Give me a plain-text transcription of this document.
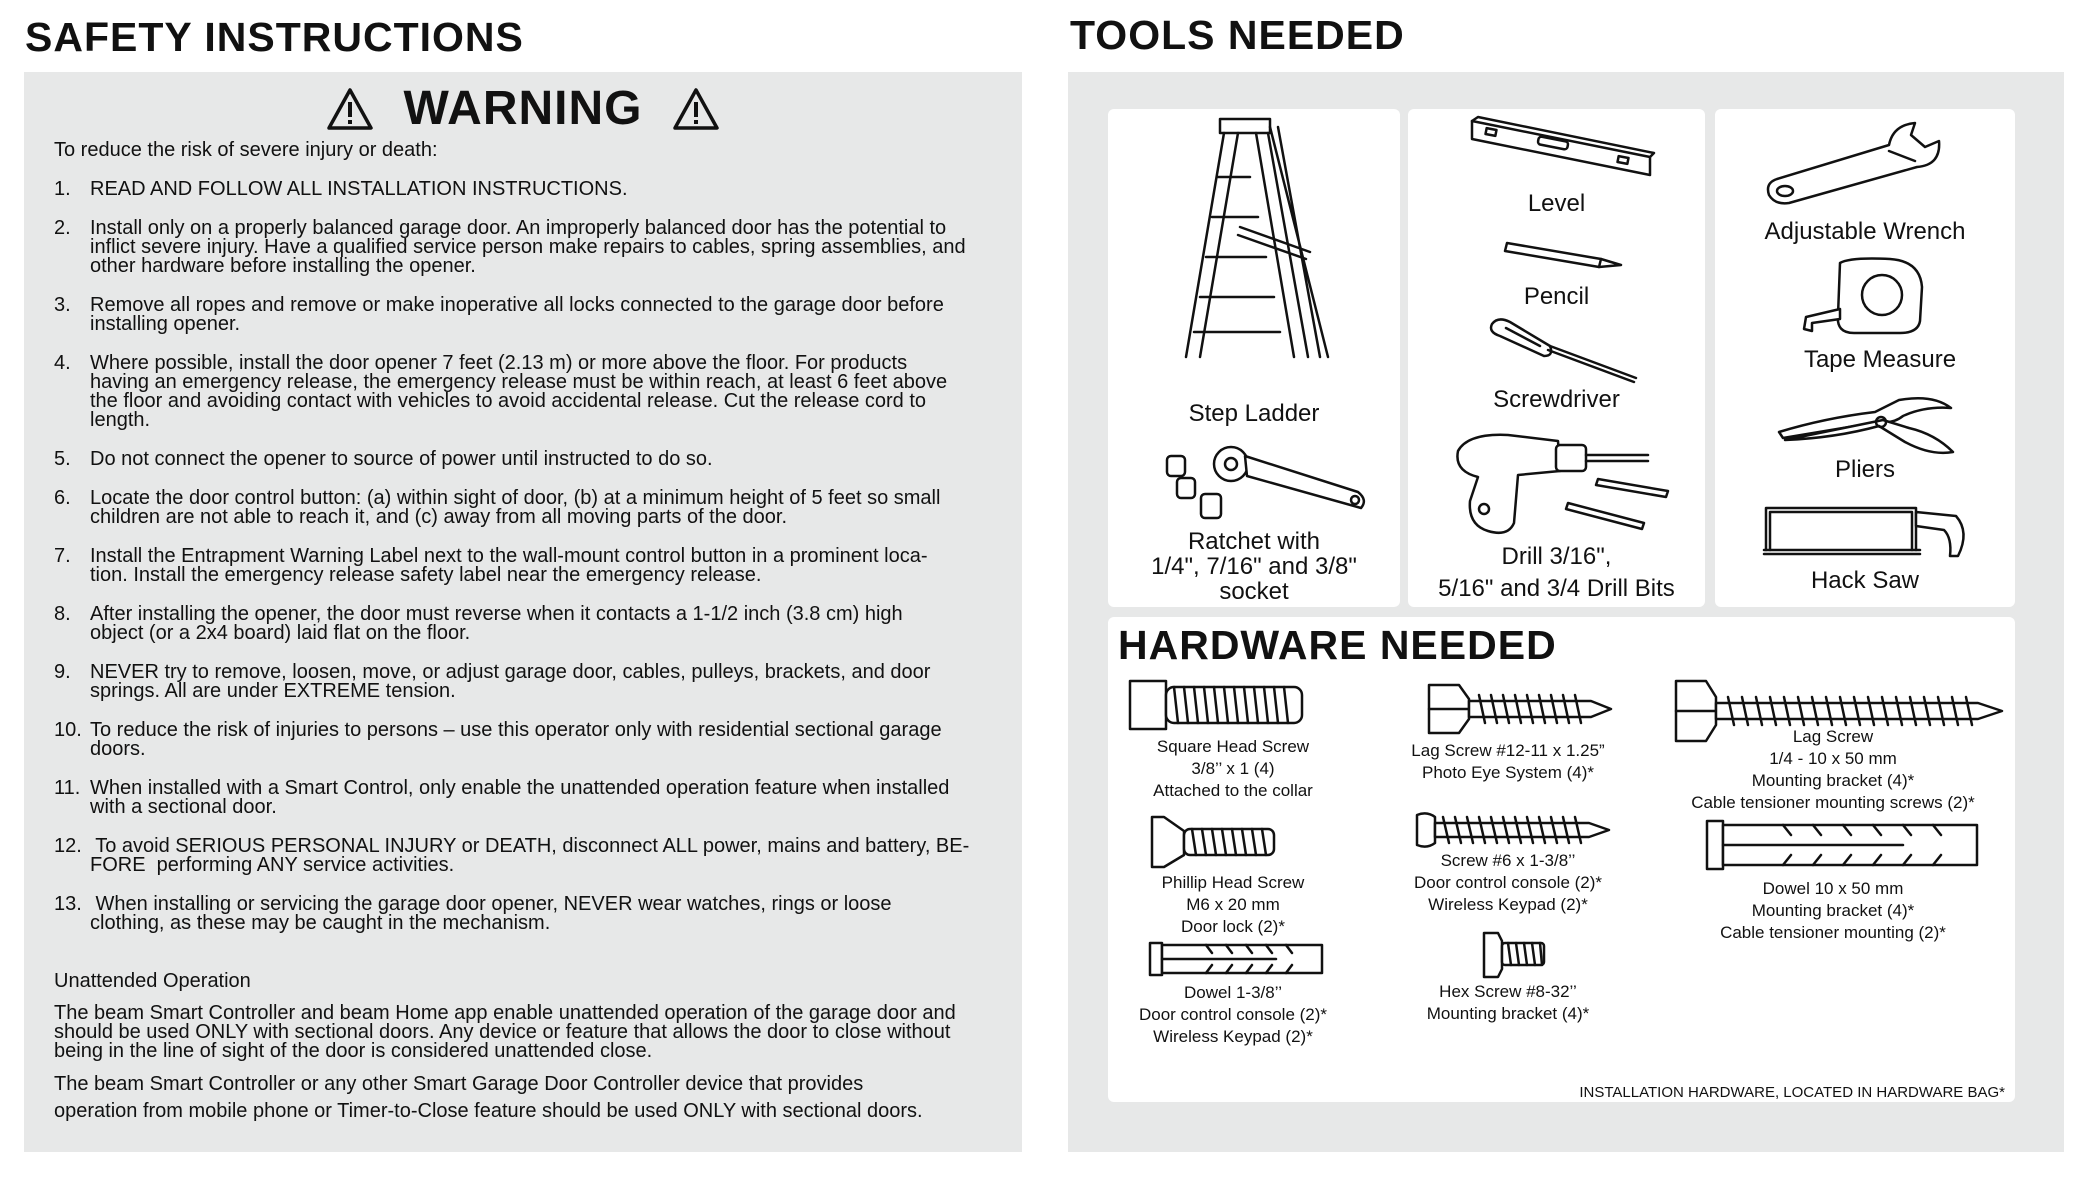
SAFETY INSTRUCTIONS
WARNING
To reduce the risk of severe injury or death:
1. READ AND FOLLOW ALL INSTALLATION INSTRUCTIONS.
2. Install only on a properly balanced garage door. An improperly balanced door has the potential to
inflict severe injury. Have a qualified service person make repairs to cables, spring assemblies, and
other hardware before installing the opener.
3. Remove all ropes and remove or make inoperative all locks connected to the garage door before
installing opener.
4. Where possible, install the door opener 7 feet (2.13 m) or more above the floor. For products
having an emergency release, the emergency release must be within reach, at least 6 feet above
the floor and avoiding contact with vehicles to avoid accidental release. Cut the release cord to
length.
5. Do not connect the opener to source of power until instructed to do so.
6. Locate the door control button: (a) within sight of door, (b) at a minimum height of 5 feet so small
children are not able to reach it, and (c) away from all moving parts of the door.
7. Install the Entrapment Warning Label next to the wall-mount control button in a prominent loca-
tion. Install the emergency release safety label near the emergency release.
8. After installing the opener, the door must reverse when it contacts a 1-1/2 inch (3.8 cm) high
object (or a 2x4 board) laid flat on the floor.
9. NEVER try to remove, loosen, move, or adjust garage door, cables, pulleys, brackets, and door
springs. All are under EXTREME tension.
10. To reduce the risk of injuries to persons – use this operator only with residential sectional garage
doors.
11. When installed with a Smart Control, only enable the unattended operation feature when installed
with a sectional door.
12. To avoid SERIOUS PERSONAL INJURY or DEATH, disconnect ALL power, mains and battery, BE-
FORE  performing ANY service activities.
13. When installing or servicing the garage door opener, NEVER wear watches, rings or loose
clothing, as these may be caught in the mechanism.
Unattended Operation
The beam Smart Controller and beam Home app enable unattended operation of the garage door and
should be used ONLY with sectional doors. Any device or feature that allows the door to close without
being in the line of sight of the door is considered unattended close.
The beam Smart Controller or any other Smart Garage Door Controller device that provides
operation from mobile phone or Timer-to-Close feature should be used ONLY with sectional doors.
TOOLS NEEDED
Step Ladder
Ratchet with
1/4", 7/16" and 3/8"
socket
Level
Pencil
Screwdriver
Drill 3/16",
5/16" and 3/4 Drill Bits
Adjustable Wrench
Tape Measure
Pliers
Hack Saw
HARDWARE NEEDED
Square Head Screw
3/8’’ x 1 (4)
Attached to the collar
Phillip Head Screw
M6 x 20 mm
Door lock (2)*
Dowel 1-3/8’’
Door control console (2)*
Wireless Keypad (2)*
Lag Screw #12-11 x 1.25”
Photo Eye System (4)*
Screw #6 x 1-3/8’’
Door control console (2)*
Wireless Keypad (2)*
Hex Screw #8-32’’
Mounting bracket (4)*
Lag Screw
1/4 - 10 x 50 mm
Mounting bracket (4)*
Cable tensioner mounting screws (2)*
Dowel 10 x 50 mm
Mounting bracket (4)*
Cable tensioner mounting (2)*
INSTALLATION HARDWARE, LOCATED IN HARDWARE BAG*
